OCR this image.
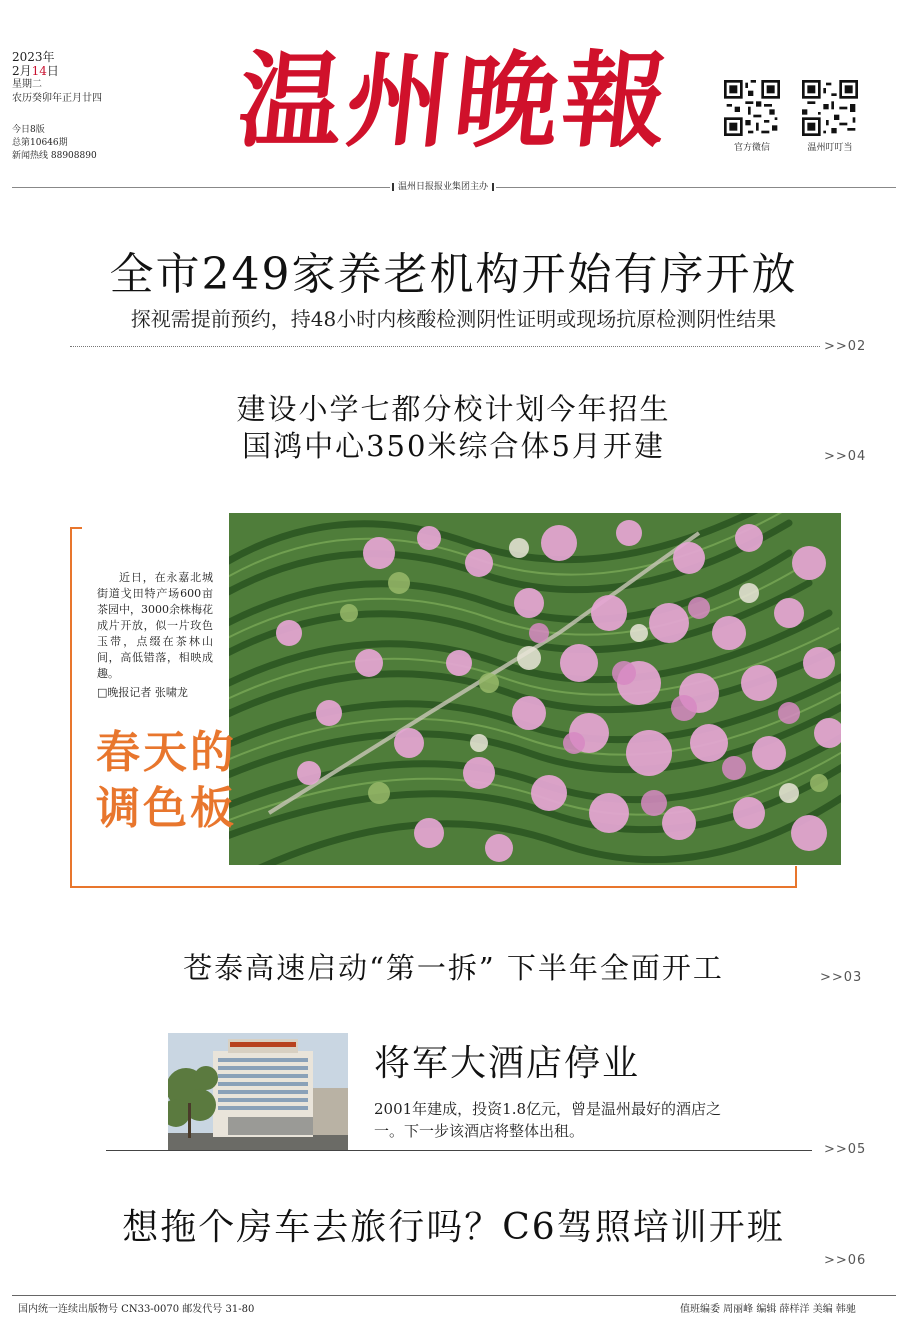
2023年
2月14日
星期二
农历癸卯年正月廿四
今日8版
总第10646期
新闻热线 88908890 温州晚報	官方微信	温州叮叮当
温州日报报业集团主办
全市249家养老机构开始有序开放
探视需提前预约，持48小时内核酸检测阴性证明或现场抗原检测阴性结果
>>02
建设小学七都分校计划今年招生
国鸿中心350米综合体5月开建	>>04
近日，在永嘉北城街道戈田特产场600亩茶园中，3000余株梅花成片开放，似一片玫色玉带，点缀在茶林山间，高低错落，相映成趣。
□晚报记者 张啸龙
春天的
调色板
苍泰高速启动“第一拆” 下半年全面开工	>>03
将军大酒店停业
2001年建成，投资1.8亿元，曾是温州最好的酒店之一。下一步该酒店将整体出租。
>>05
想拖个房车去旅行吗？C6驾照培训开班
>>06
国内统一连续出版物号 CN33-0070 邮发代号 31-80	值班编委 周丽峰 编辑 薛样洋 美编 韩驰
